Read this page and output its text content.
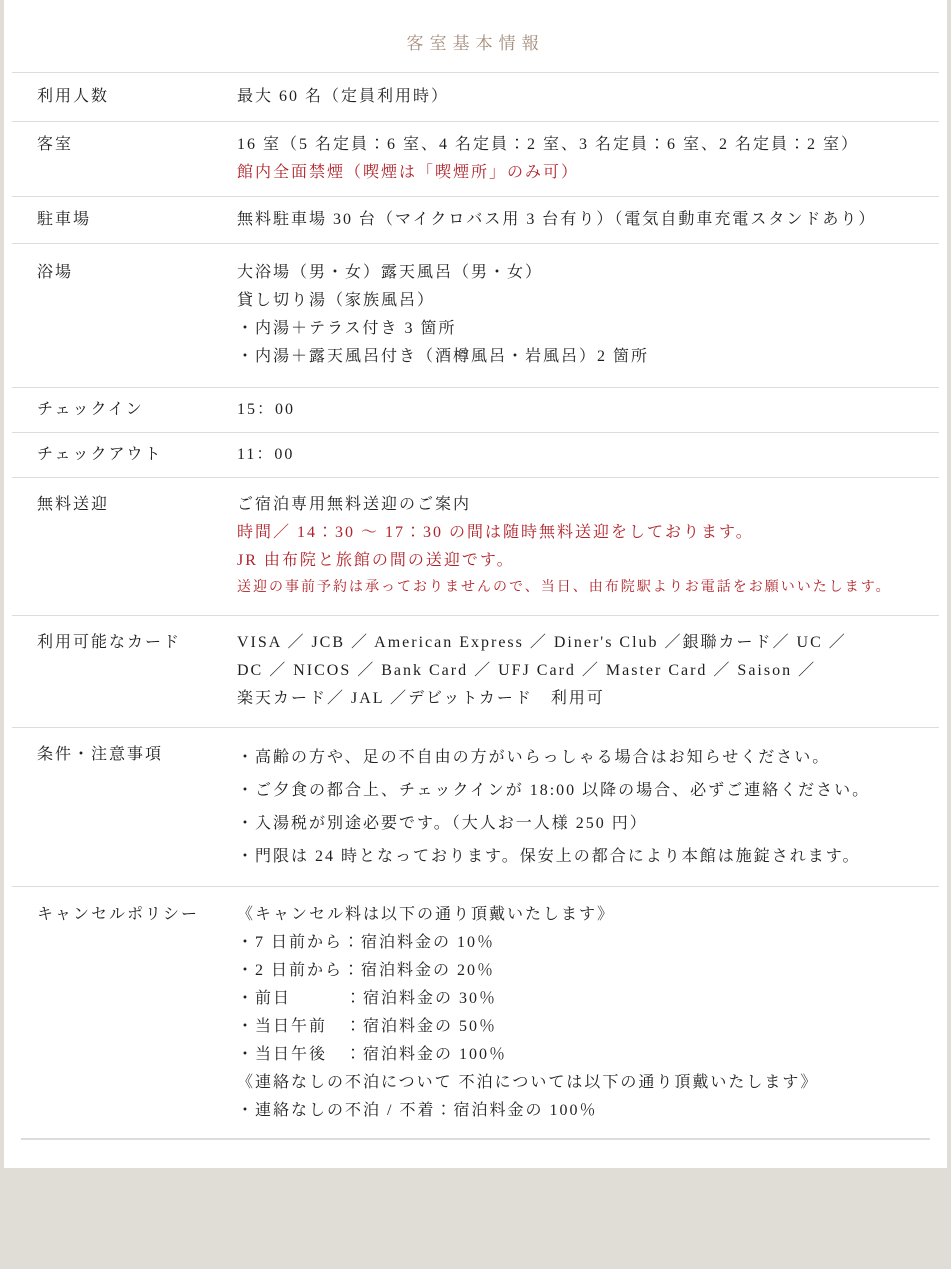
客室基本情報
利用人数	最大 60 名（定員利用時）
客室	16 室（5 名定員：6 室、4 名定員：2 室、3 名定員：6 室、2 名定員：2 室）
館内全面禁煙（喫煙は「喫煙所」のみ可）
駐車場	無料駐車場 30 台（マイクロバス用 3 台有り）（電気自動車充電スタンドあり）
浴場	大浴場（男・女）露天風呂（男・女）
貸し切り湯（家族風呂）
・内湯＋テラス付き 3 箇所
・内湯＋露天風呂付き（酒樽風呂・岩風呂）2 箇所
チェックイン	15：00
チェックアウト	11：00
無料送迎	ご宿泊専用無料送迎のご案内
時間／ 14：30 ～ 17：30 の間は随時無料送迎をしております。
JR 由布院と旅館の間の送迎です。
送迎の事前予約は承っておりませんので、当日、由布院駅よりお電話をお願いいたします。
利用可能なカード	VISA ／ JCB ／ American Express ／ Diner's Club ／銀聯カード／ UC ／
DC ／ NICOS ／ Bank Card ／ UFJ Card ／ Master Card ／ Saison ／
楽天カード／ JAL ／デビットカード　利用可
条件・注意事項	・高齢の方や、足の不自由の方がいらっしゃる場合はお知らせください。
・ご夕食の都合上、チェックインが 18:00 以降の場合、必ずご連絡ください。
・入湯税が別途必要です。（大人お一人様 250 円）
・門限は 24 時となっております。保安上の都合により本館は施錠されます。
キャンセルポリシー	《キャンセル料は以下の通り頂戴いたします》
・7 日前から：宿泊料金の 10％
・2 日前から：宿泊料金の 20％
・前日　　　：宿泊料金の 30％
・当日午前　：宿泊料金の 50％
・当日午後　：宿泊料金の 100％
《連絡なしの不泊について 不泊については以下の通り頂戴いたします》
・連絡なしの不泊 / 不着：宿泊料金の 100％
